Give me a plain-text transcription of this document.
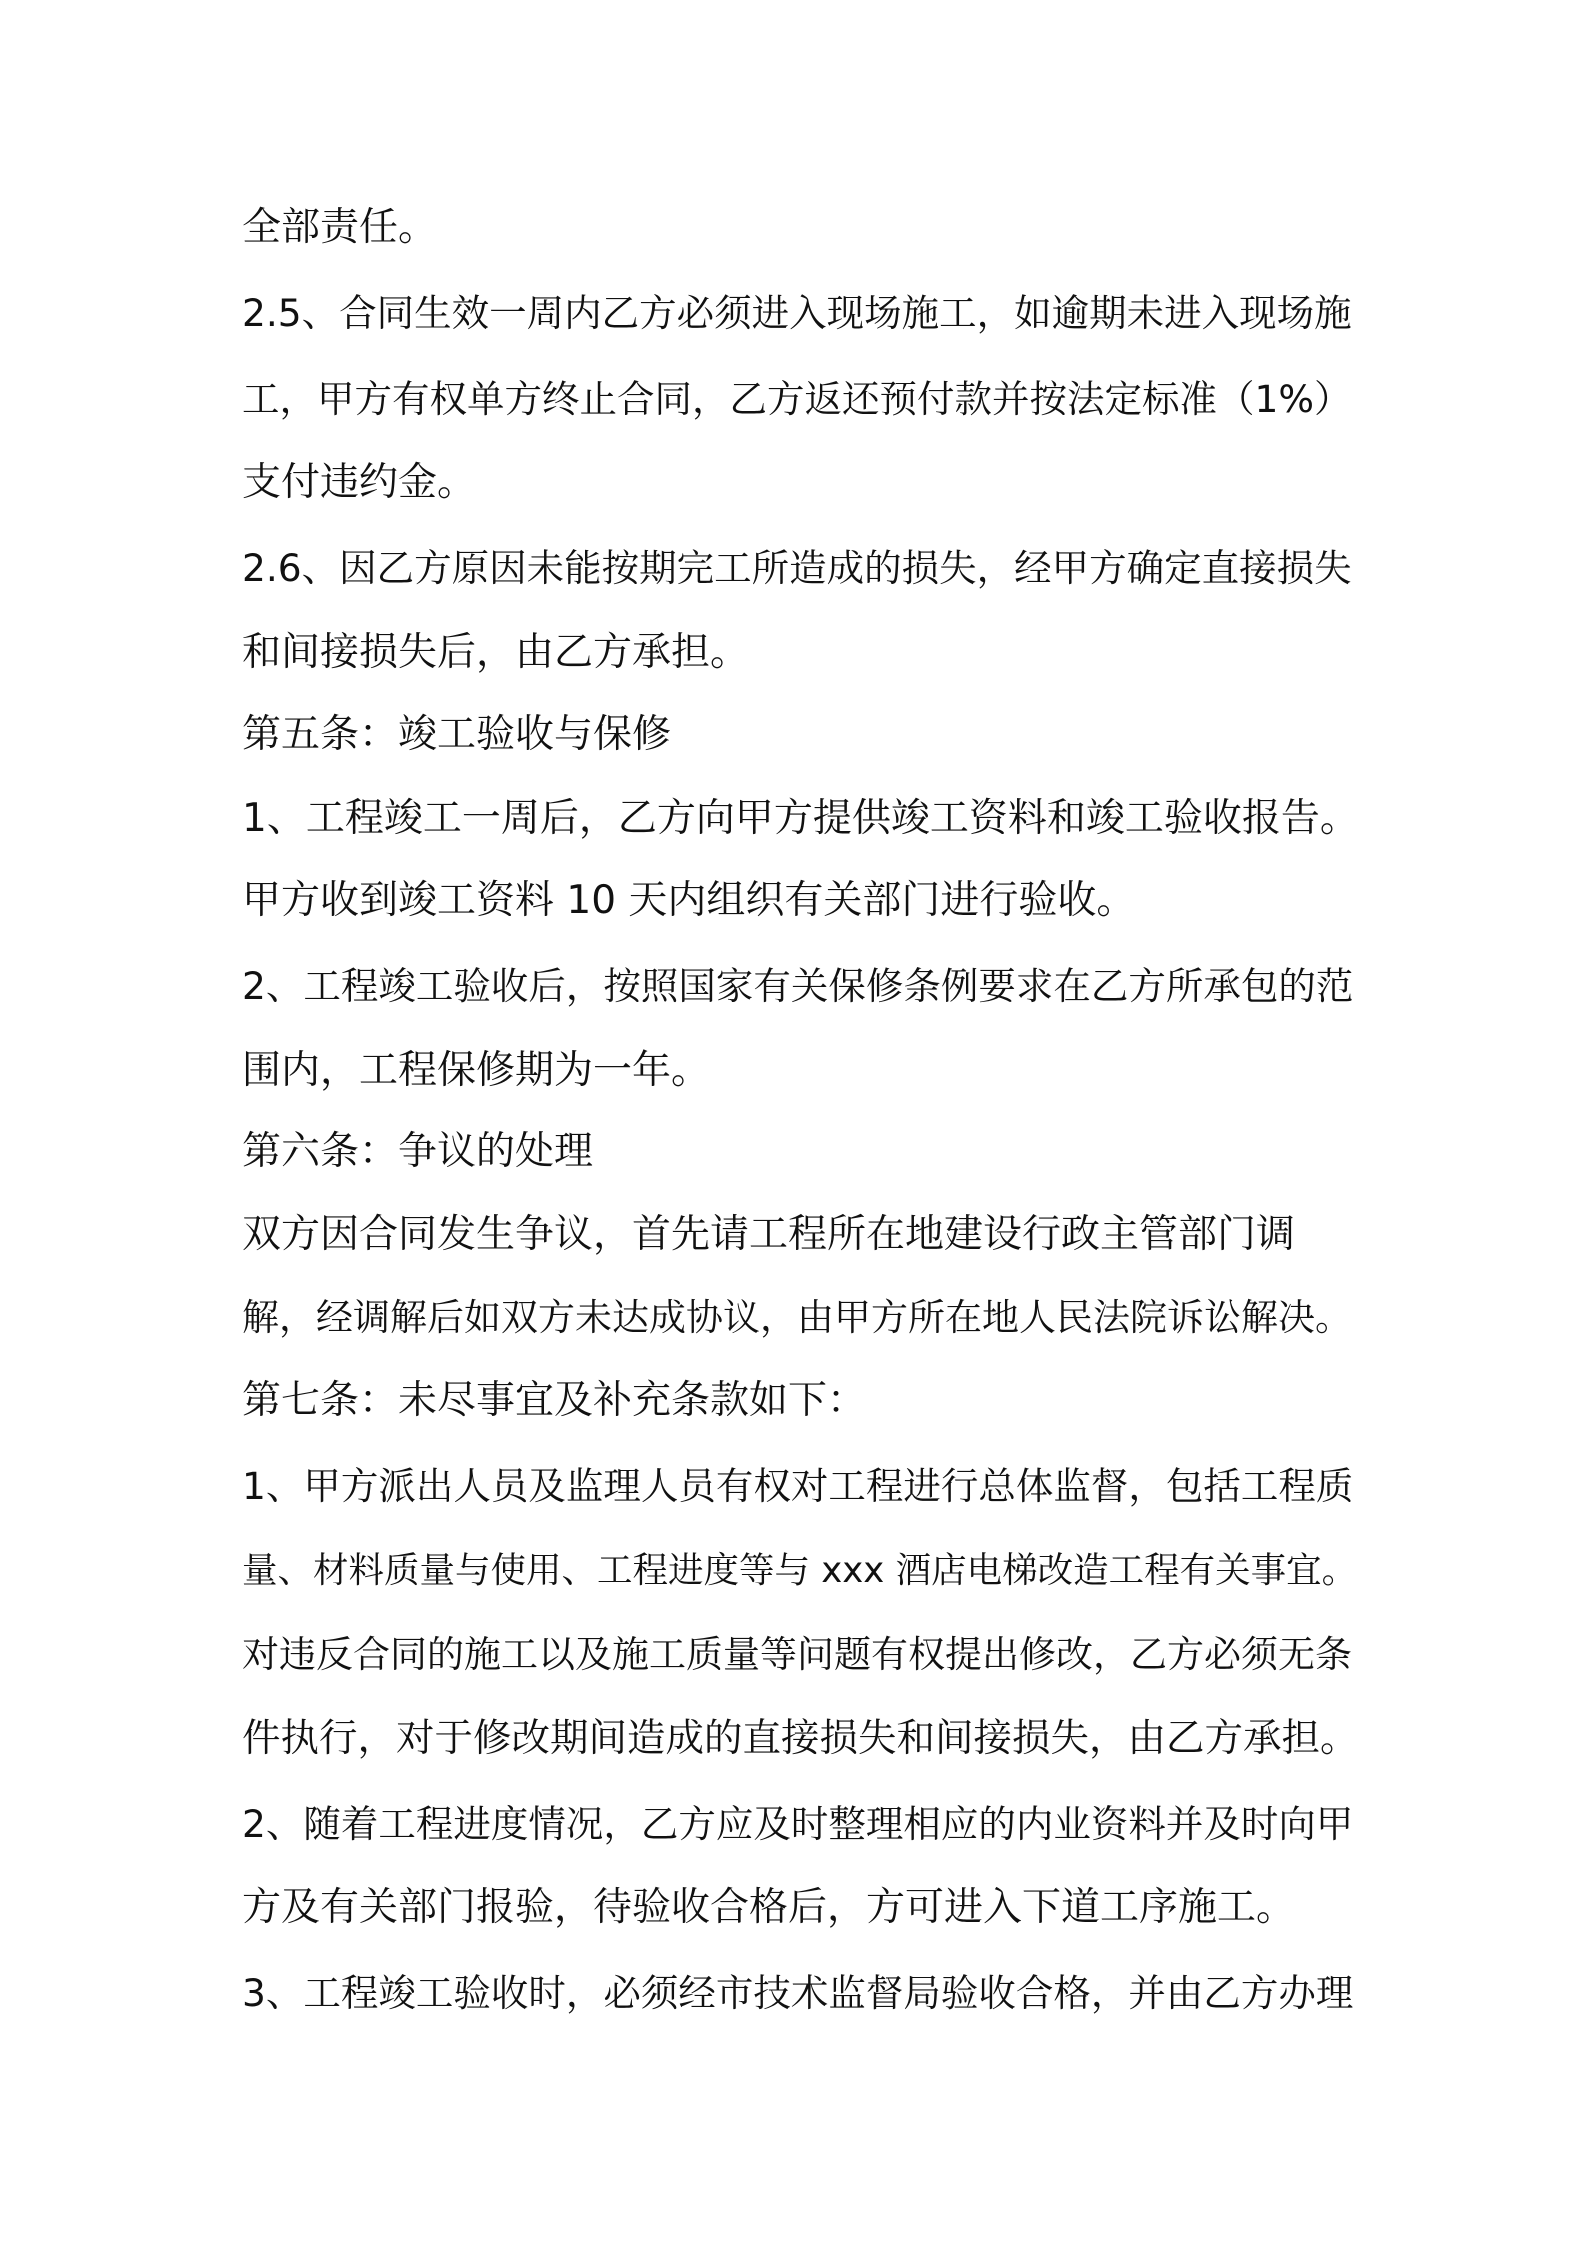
全部责任。

2.5、合同生效一周内乙方必须进入现场施工，如逾期未进入现场施

工，甲方有权单方终止合同，乙方返还预付款并按法定标准（1%）

支付违约金。

2.6、因乙方原因未能按期完工所造成的损失，经甲方确定直接损失

和间接损失后，由乙方承担。

第五条：竣工验收与保修

1、工程竣工一周后，乙方向甲方提供竣工资料和竣工验收报告。

甲方收到竣工资料 10 天内组织有关部门进行验收。

2、工程竣工验收后，按照国家有关保修条例要求在乙方所承包的范

围内，工程保修期为一年。

第六条：争议的处理

双方因合同发生争议，首先请工程所在地建设行政主管部门调

解，经调解后如双方未达成协议，由甲方所在地人民法院诉讼解决。

第七条：未尽事宜及补充条款如下：

1、甲方派出人员及监理人员有权对工程进行总体监督，包括工程质

量、材料质量与使用、工程进度等与 xxx 酒店电梯改造工程有关事宜。

对违反合同的施工以及施工质量等问题有权提出修改，乙方必须无条

件执行，对于修改期间造成的直接损失和间接损失，由乙方承担。

2、随着工程进度情况，乙方应及时整理相应的内业资料并及时向甲

方及有关部门报验，待验收合格后，方可进入下道工序施工。

3、工程竣工验收时，必须经市技术监督局验收合格，并由乙方办理
